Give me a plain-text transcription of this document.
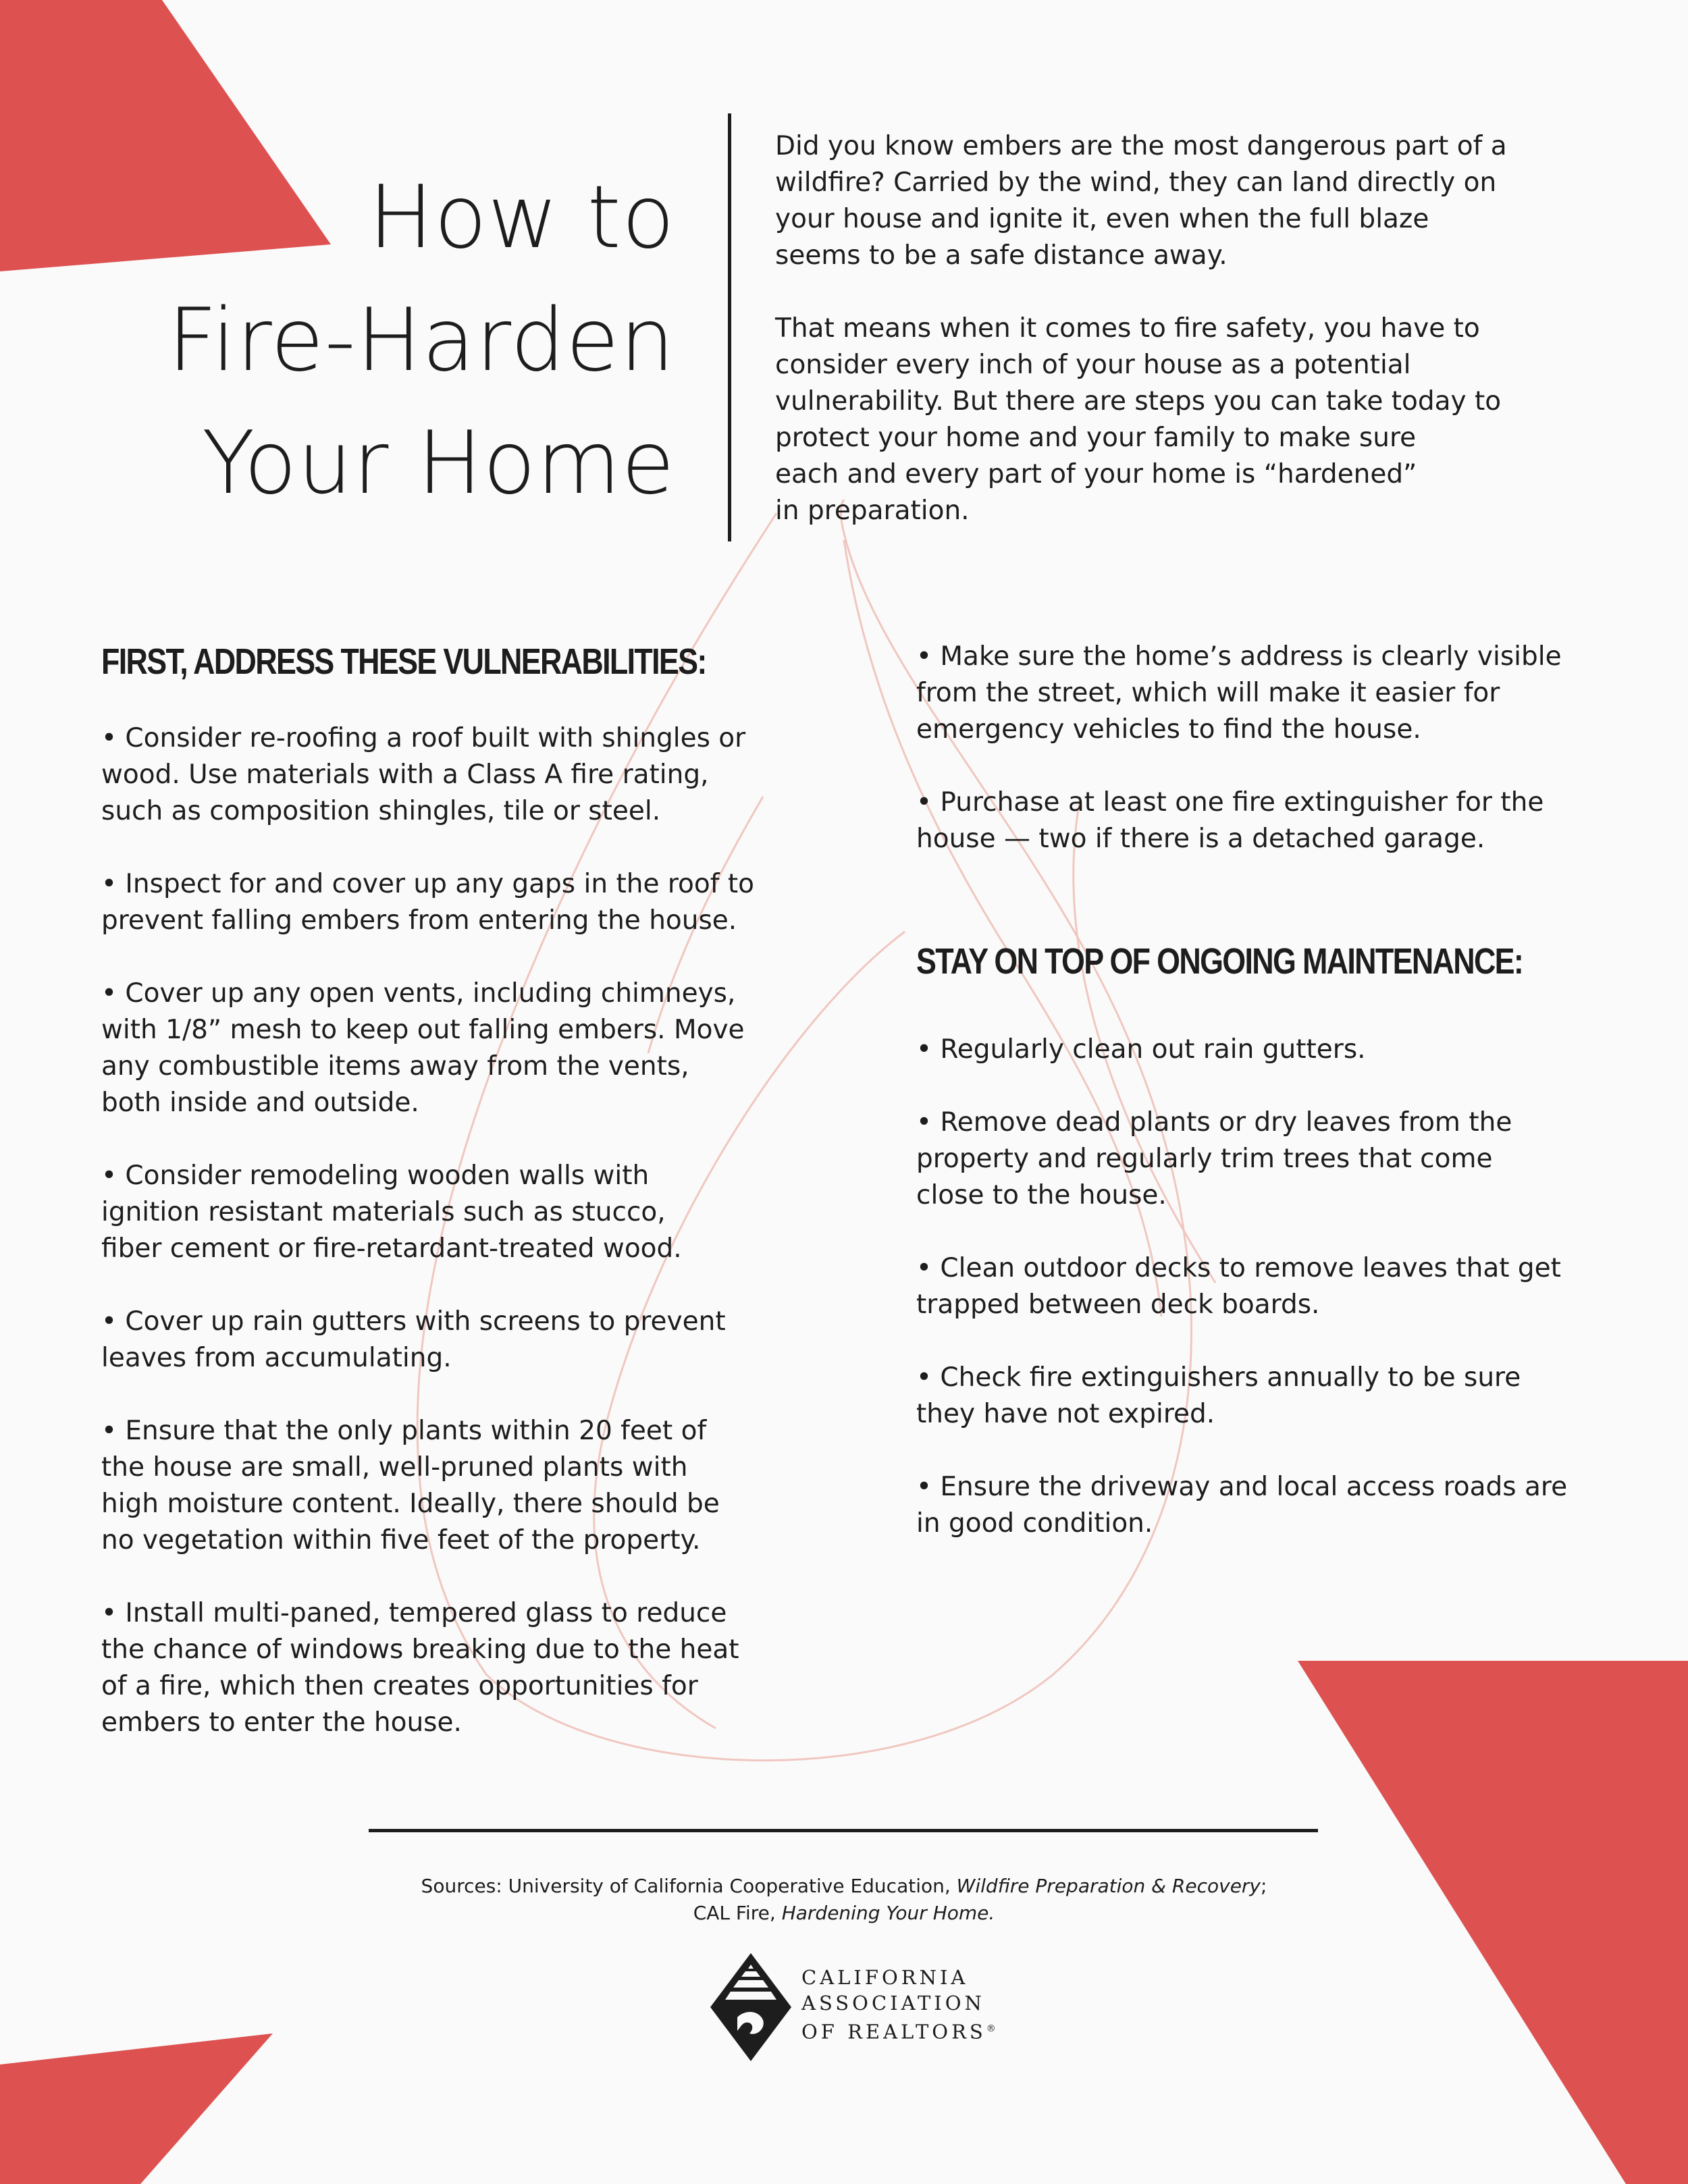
How to
Fire-Harden
Your Home

Did you know embers are the most dangerous part of a
wildfire? Carried by the wind, they can land directly on
your house and ignite it, even when the full blaze
seems to be a safe distance away.

That means when it comes to fire safety, you have to
consider every inch of your house as a potential
vulnerability. But there are steps you can take today to
protect your home and your family to make sure
each and every part of your home is “hardened”
in preparation.

FIRST, ADDRESS THESE VULNERABILITIES:

• Consider re-roofing a roof built with shingles or
wood. Use materials with a Class A fire rating,
such as composition shingles, tile or steel.

• Inspect for and cover up any gaps in the roof to
prevent falling embers from entering the house.

• Cover up any open vents, including chimneys,
with 1/8” mesh to keep out falling embers. Move
any combustible items away from the vents,
both inside and outside.

• Consider remodeling wooden walls with
ignition resistant materials such as stucco,
fiber cement or fire-retardant-treated wood.

• Cover up rain gutters with screens to prevent
leaves from accumulating.

• Ensure that the only plants within 20 feet of
the house are small, well-pruned plants with
high moisture content. Ideally, there should be
no vegetation within five feet of the property.

• Install multi-paned, tempered glass to reduce
the chance of windows breaking due to the heat
of a fire, which then creates opportunities for
embers to enter the house.

• Make sure the home’s address is clearly visible
from the street, which will make it easier for
emergency vehicles to find the house.

• Purchase at least one fire extinguisher for the
house — two if there is a detached garage.

STAY ON TOP OF ONGOING MAINTENANCE:

• Regularly clean out rain gutters.

• Remove dead plants or dry leaves from the
property and regularly trim trees that come
close to the house.

• Clean outdoor decks to remove leaves that get
trapped between deck boards.

• Check fire extinguishers annually to be sure
they have not expired.

• Ensure the driveway and local access roads are
in good condition.

Sources: University of California Cooperative Education, Wildfire Preparation & Recovery;
CAL Fire, Hardening Your Home.
CALIFORNIA
ASSOCIATION
OF REALTORS®
